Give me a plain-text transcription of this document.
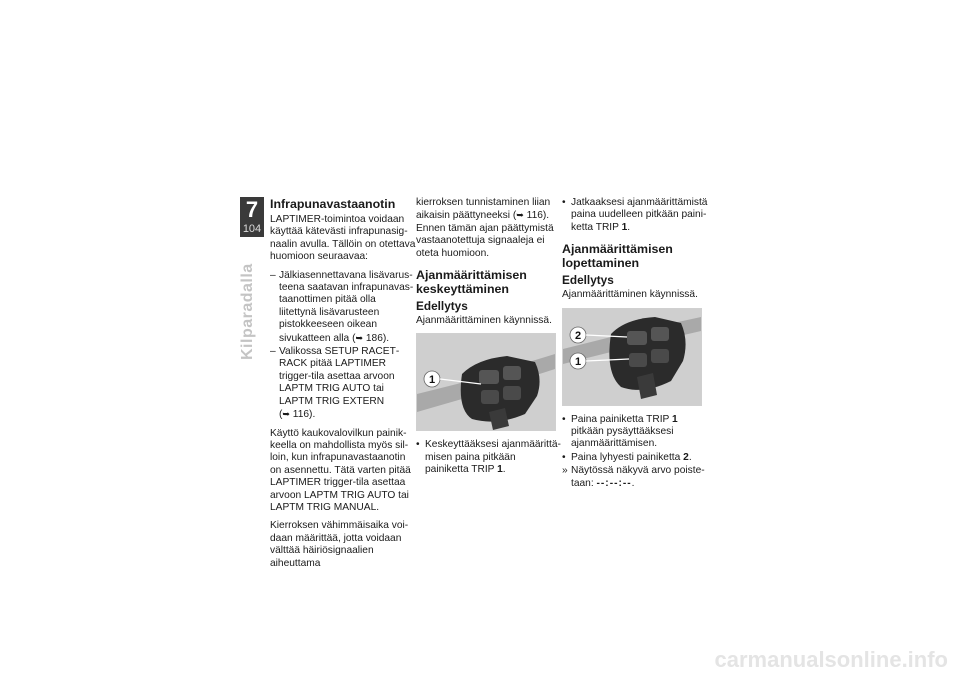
7
104
Kilparadalla
Infrapunavastaanotin

LAPTIMER-toimintoa voidaan käyttää kätevästi infrapunasignaalin avulla. Tällöin on otettava huomioon seuraavaa:

– Jälkiasennettavana lisävarusteena saatavan infrapunavastaanottimen pitää olla liitettynä lisävarusteen pistokkeeseen oikean sivukatteen alla (➥ 186).
– Valikossa SETUP RACETRACK pitää LAPTIMER trigger-tila asettaa arvoon LAPTM TRIG AUTO tai LAPTM TRIG EXTERN (➥ 116).

Käyttö kaukovalovilkun painikkeella on mahdollista myös silloin, kun infrapunavastaanotin on asennettu. Tätä varten pitää LAPTIMER trigger-tila asettaa arvoon LAPTM TRIG AUTO tai LAPTM TRIG MANUAL.

Kierroksen vähimmäisaika voidaan määrittää, jotta voidaan välttää häiriösignaalien aiheuttama

kierroksen tunnistaminen liian aikaisin päättyneeksi (➥ 116). Ennen tämän ajan päättymistä vastaanotettuja signaaleja ei oteta huomioon.

Ajanmäärittämisen keskeyttäminen
Edellytys

Ajanmäärittäminen käynnissä.

1
• Keskeyttääksesi ajanmäärittämisen paina pitkään painiketta TRIP 1.
• Jatkaaksesi ajanmäärittämistä paina uudelleen pitkään painiketta TRIP 1.
Ajanmäärittämisen lopettaminen
Edellytys

Ajanmäärittäminen käynnissä.

2
1
• Paina painiketta TRIP 1 pitkään pysäyttääksesi ajanmäärittämisen.
• Paina lyhyesti painiketta 2.
» Näytössä näkyvä arvo poistetaan: --:--:--.
carmanualsonline.info
